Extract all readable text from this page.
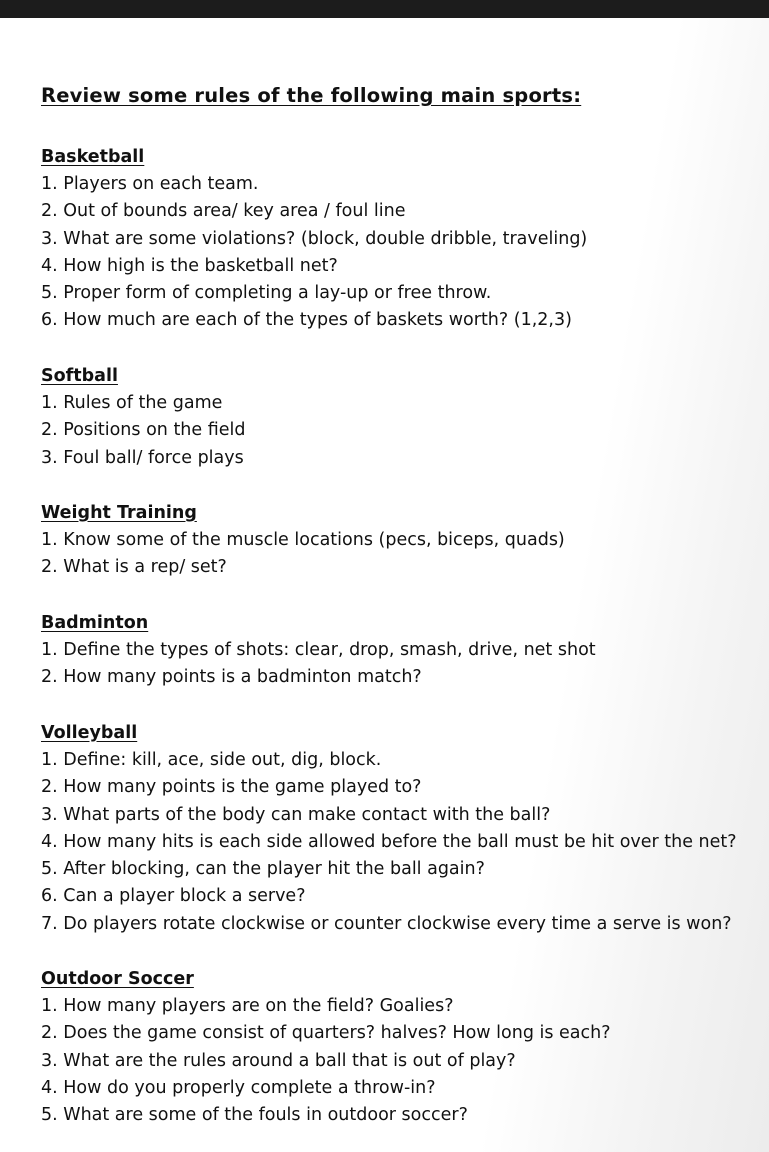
Review some rules of the following main sports:
Basketball
1. Players on each team.
2. Out of bounds area/ key area / foul line
3. What are some violations? (block, double dribble, traveling)
4. How high is the basketball net?
5. Proper form of completing a lay-up or free throw.
6. How much are each of the types of baskets worth? (1,2,3)
Softball
1. Rules of the game
2. Positions on the field
3. Foul ball/ force plays
Weight Training
1. Know some of the muscle locations (pecs, biceps, quads)
2. What is a rep/ set?
Badminton
1. Define the types of shots: clear, drop, smash, drive, net shot
2. How many points is a badminton match?
Volleyball
1. Define: kill, ace, side out, dig, block.
2. How many points is the game played to?
3. What parts of the body can make contact with the ball?
4. How many hits is each side allowed before the ball must be hit over the net?
5. After blocking, can the player hit the ball again?
6. Can a player block a serve?
7. Do players rotate clockwise or counter clockwise every time a serve is won?
Outdoor Soccer
1. How many players are on the field? Goalies?
2. Does the game consist of quarters? halves? How long is each?
3. What are the rules around a ball that is out of play?
4. How do you properly complete a throw-in?
5. What are some of the fouls in outdoor soccer?
